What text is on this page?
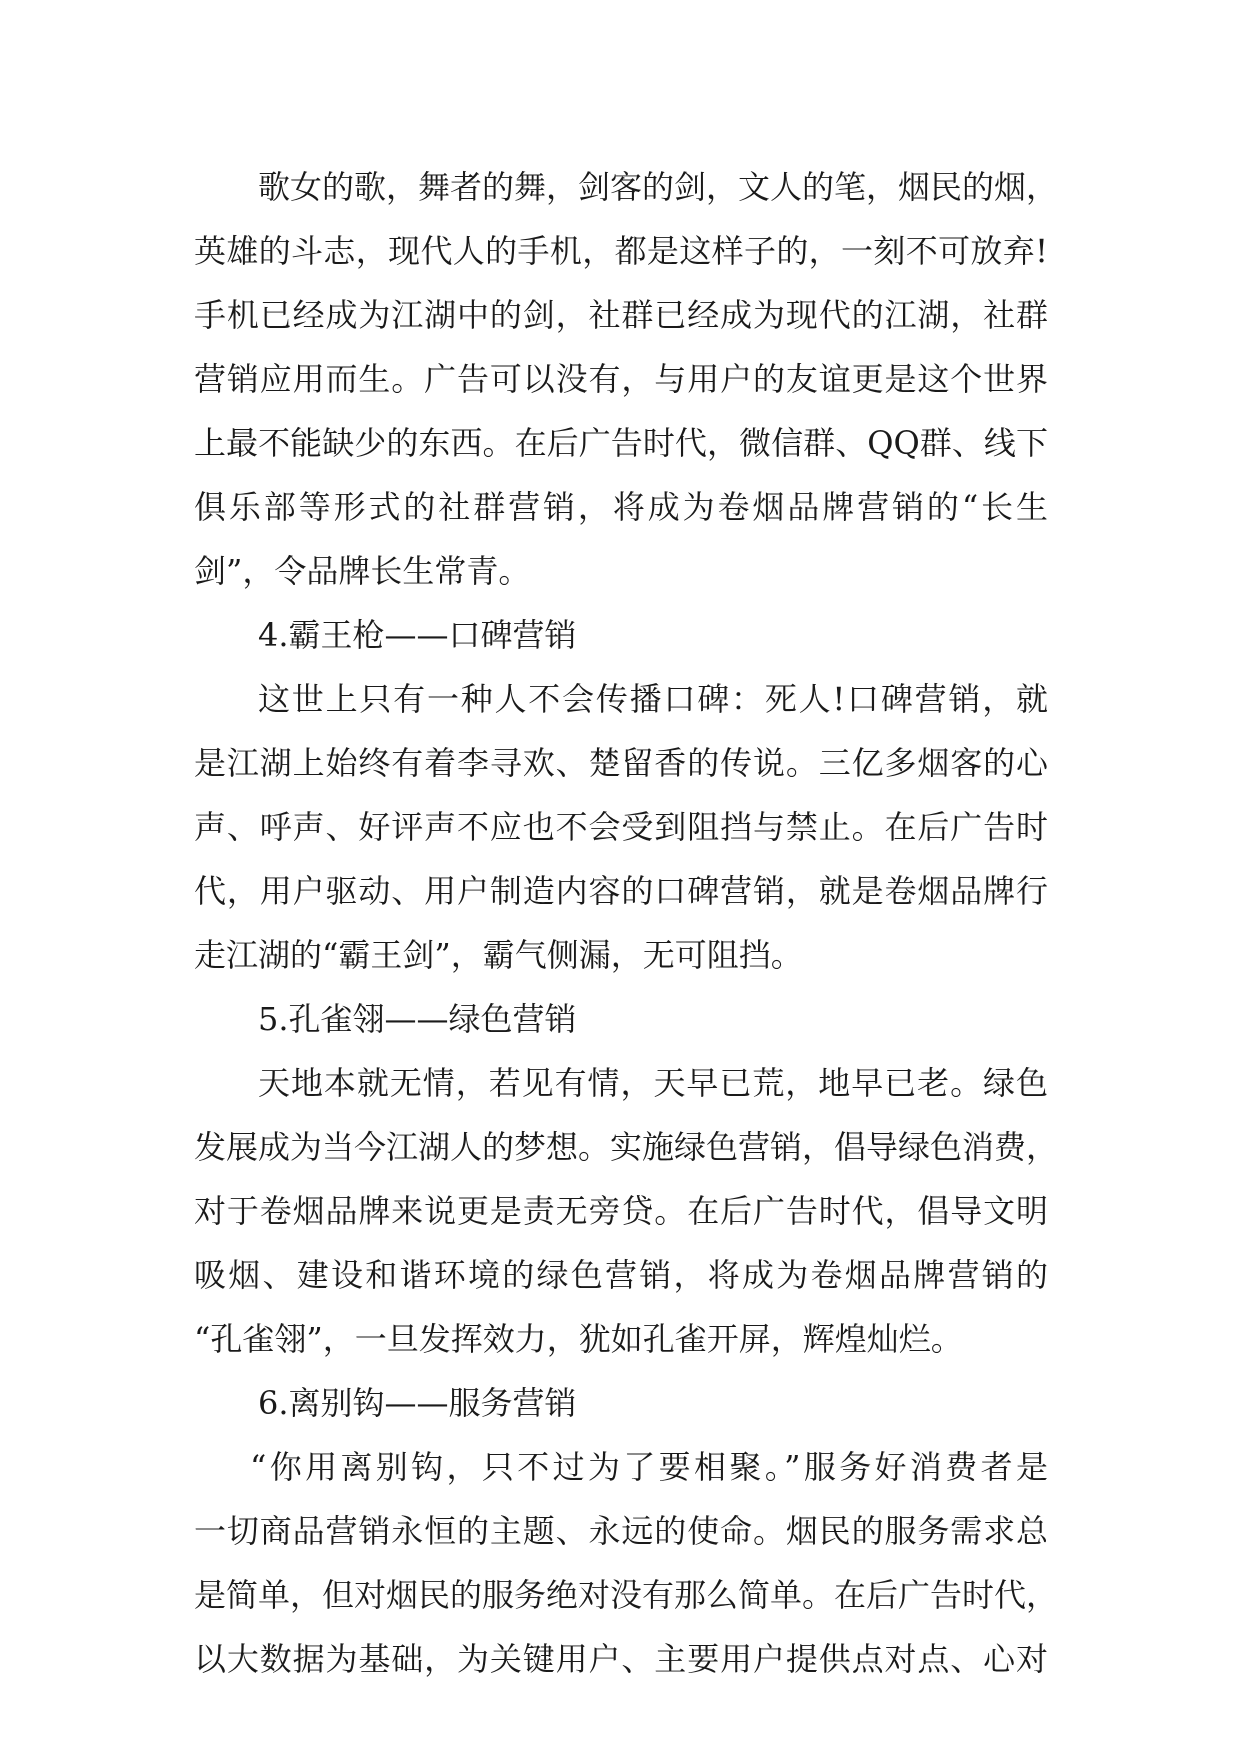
歌女的歌，舞者的舞，剑客的剑，文人的笔，烟民的烟，
英雄的斗志，现代人的手机，都是这样子的，一刻不可放弃!
手机已经成为江湖中的剑，社群已经成为现代的江湖，社群
营销应用而生。广告可以没有，与用户的友谊更是这个世界
上最不能缺少的东西。在后广告时代，微信群、QQ群、线下
俱乐部等形式的社群营销，将成为卷烟品牌营销的“长生
剑”，令品牌长生常青。
4.霸王枪——口碑营销
这世上只有一种人不会传播口碑：死人!口碑营销，就
是江湖上始终有着李寻欢、楚留香的传说。三亿多烟客的心
声、呼声、好评声不应也不会受到阻挡与禁止。在后广告时
代，用户驱动、用户制造内容的口碑营销，就是卷烟品牌行
走江湖的“霸王剑”，霸气侧漏，无可阻挡。
5.孔雀翎——绿色营销
天地本就无情，若见有情，天早已荒，地早已老。绿色
发展成为当今江湖人的梦想。实施绿色营销，倡导绿色消费，
对于卷烟品牌来说更是责无旁贷。在后广告时代，倡导文明
吸烟、建设和谐环境的绿色营销，将成为卷烟品牌营销的
“孔雀翎”，一旦发挥效力，犹如孔雀开屏，辉煌灿烂。
6.离别钩——服务营销
“你用离别钩，只不过为了要相聚。”服务好消费者是
一切商品营销永恒的主题、永远的使命。烟民的服务需求总
是简单，但对烟民的服务绝对没有那么简单。在后广告时代，
以大数据为基础，为关键用户、主要用户提供点对点、心对
